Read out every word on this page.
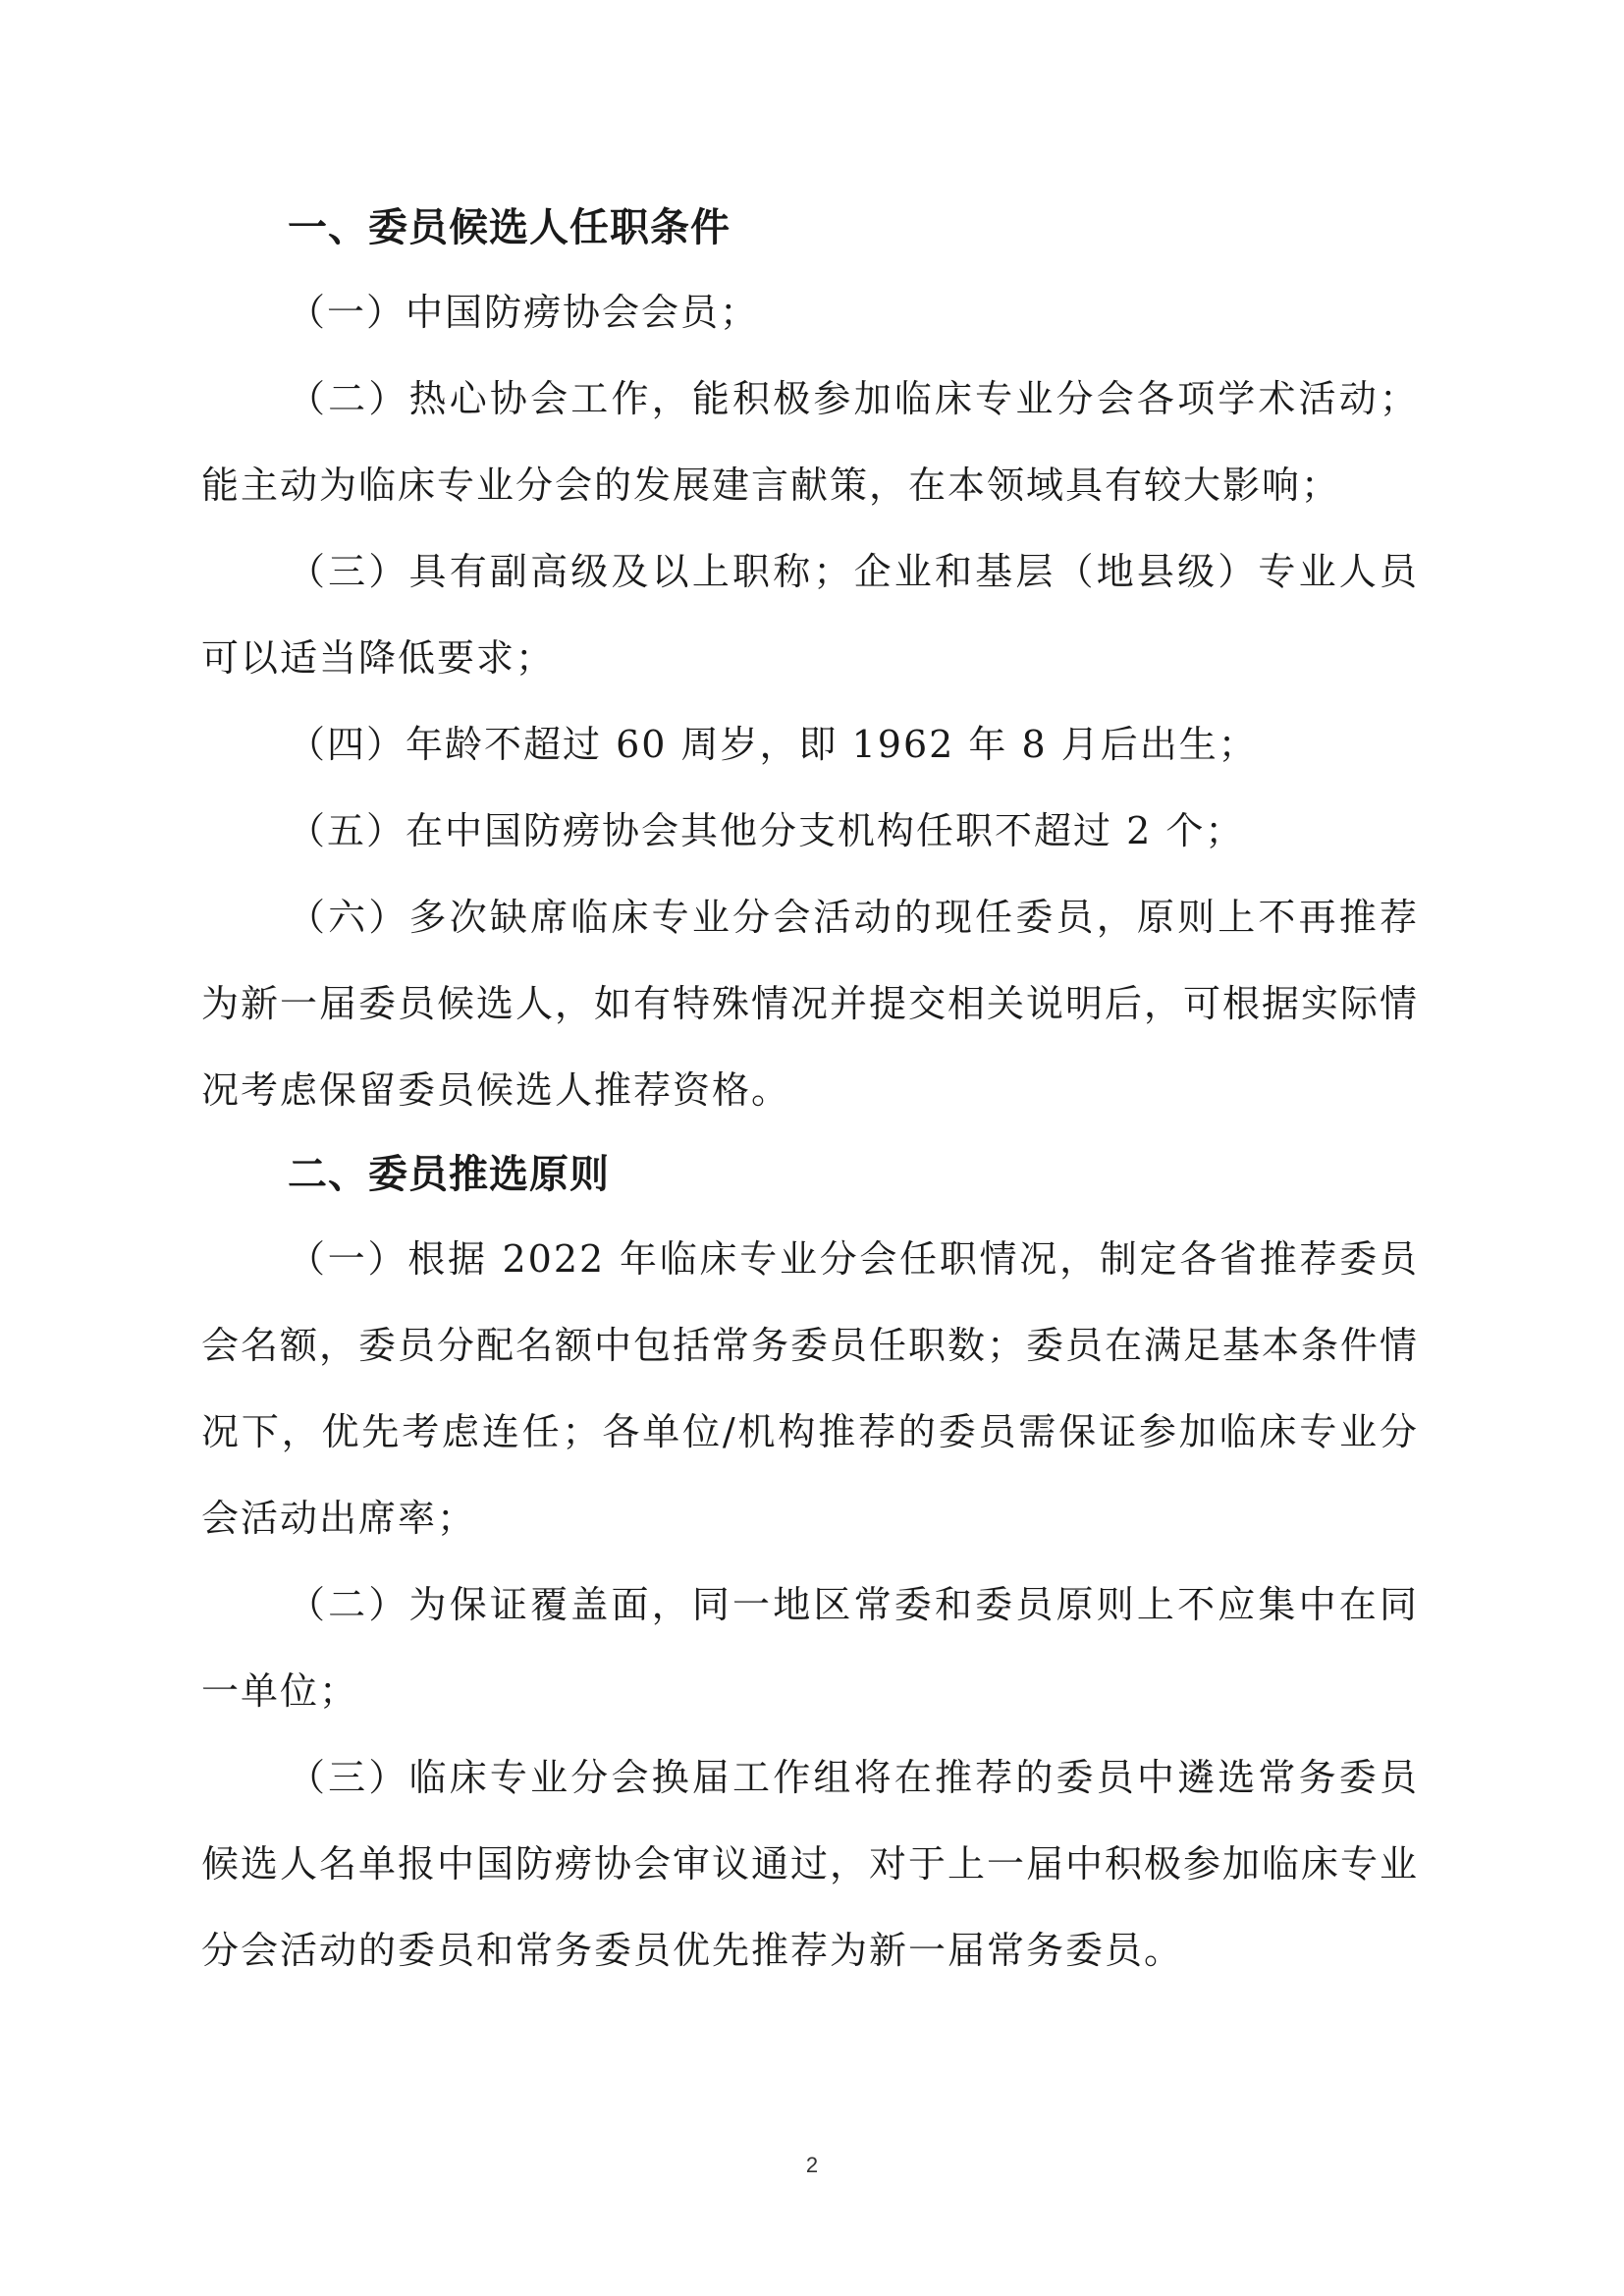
一、委员候选人任职条件

（一）中国防痨协会会员；

（二）热心协会工作，能积极参加临床专业分会各项学术活动；能主动为临床专业分会的发展建言献策，在本领域具有较大影响；

（三）具有副高级及以上职称；企业和基层（地县级）专业人员可以适当降低要求；

（四）年龄不超过 60 周岁，即 1962 年 8 月后出生；

（五）在中国防痨协会其他分支机构任职不超过 2 个；

（六）多次缺席临床专业分会活动的现任委员，原则上不再推荐为新一届委员候选人，如有特殊情况并提交相关说明后，可根据实际情况考虑保留委员候选人推荐资格。

二、委员推选原则

（一）根据 2022 年临床专业分会任职情况，制定各省推荐委员会名额，委员分配名额中包括常务委员任职数；委员在满足基本条件情况下，优先考虑连任；各单位/机构推荐的委员需保证参加临床专业分会活动出席率；

（二）为保证覆盖面，同一地区常委和委员原则上不应集中在同一单位；

（三）临床专业分会换届工作组将在推荐的委员中遴选常务委员候选人名单报中国防痨协会审议通过，对于上一届中积极参加临床专业分会活动的委员和常务委员优先推荐为新一届常务委员。

2
